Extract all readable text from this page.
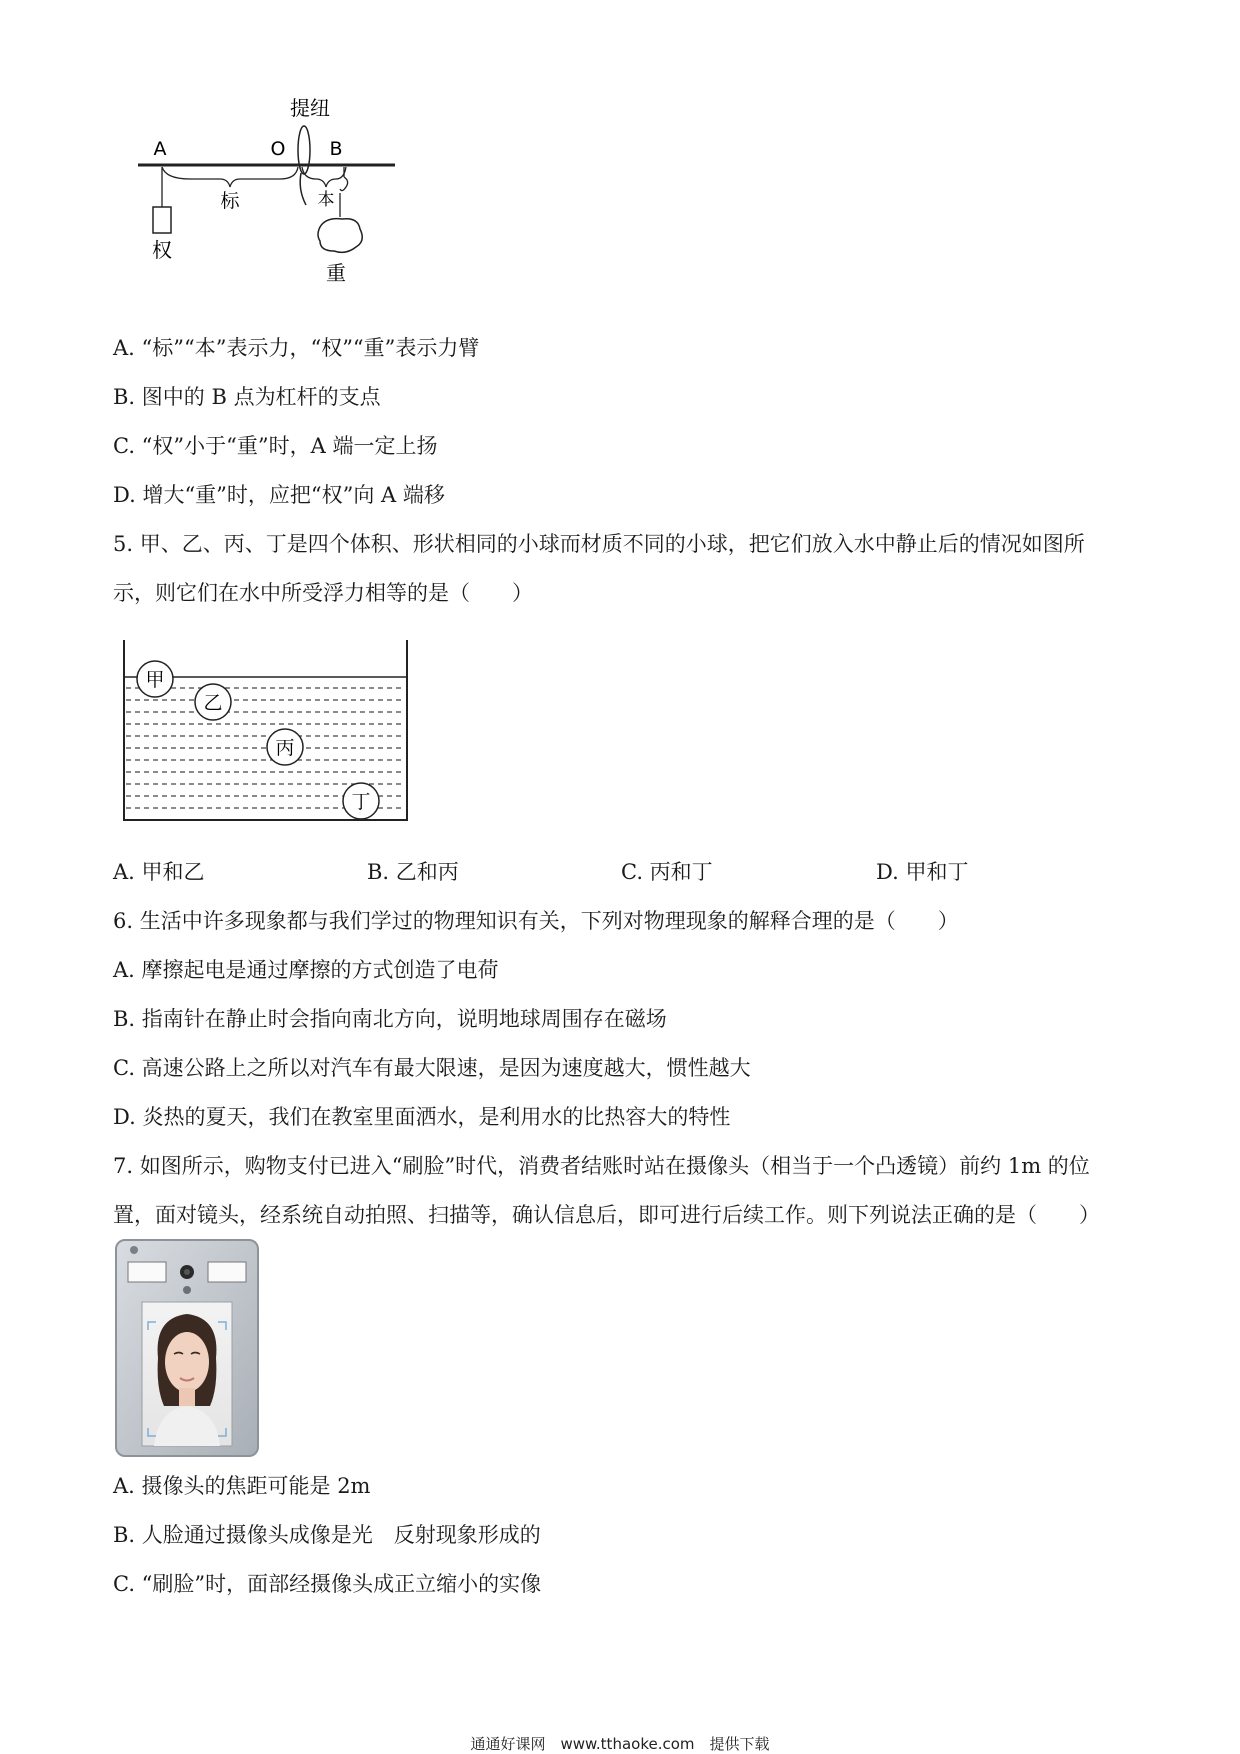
提纽
A	O B
标	本
权
重
A. “标”“本”表示力，“权”“重”表示力臂
B. 图中的 B 点为杠杆的支点
C. “权”小于“重”时，A 端一定上扬
D. 增大“重”时，应把“权”向 A 端移
5. 甲、乙、丙、丁是四个体积、形状相同的小球而材质不同的小球，把它们放入水中静止后的情况如图所
示，则它们在水中所受浮力相等的是（　　）
甲
乙
丙
丁
A. 甲和乙	B. 乙和丙	C. 丙和丁	D. 甲和丁
6. 生活中许多现象都与我们学过的物理知识有关，下列对物理现象的解释合理的是（　　）
A. 摩擦起电是通过摩擦的方式创造了电荷
B. 指南针在静止时会指向南北方向，说明地球周围存在磁场
C. 高速公路上之所以对汽车有最大限速，是因为速度越大，惯性越大
D. 炎热的夏天，我们在教室里面洒水，是利用水的比热容大的特性
7. 如图所示，购物支付已进入“刷脸”时代，消费者结账时站在摄像头（相当于一个凸透镜）前约 1m 的位
置，面对镜头，经系统自动拍照、扫描等，确认信息后，即可进行后续工作。则下列说法正确的是（　　）
A. 摄像头的焦距可能是 2m
B. 人脸通过摄像头成像是光　反射现象形成的
C. “刷脸”时，面部经摄像头成正立缩小的实像
通通好课网　www.tthaoke.com　提供下载
